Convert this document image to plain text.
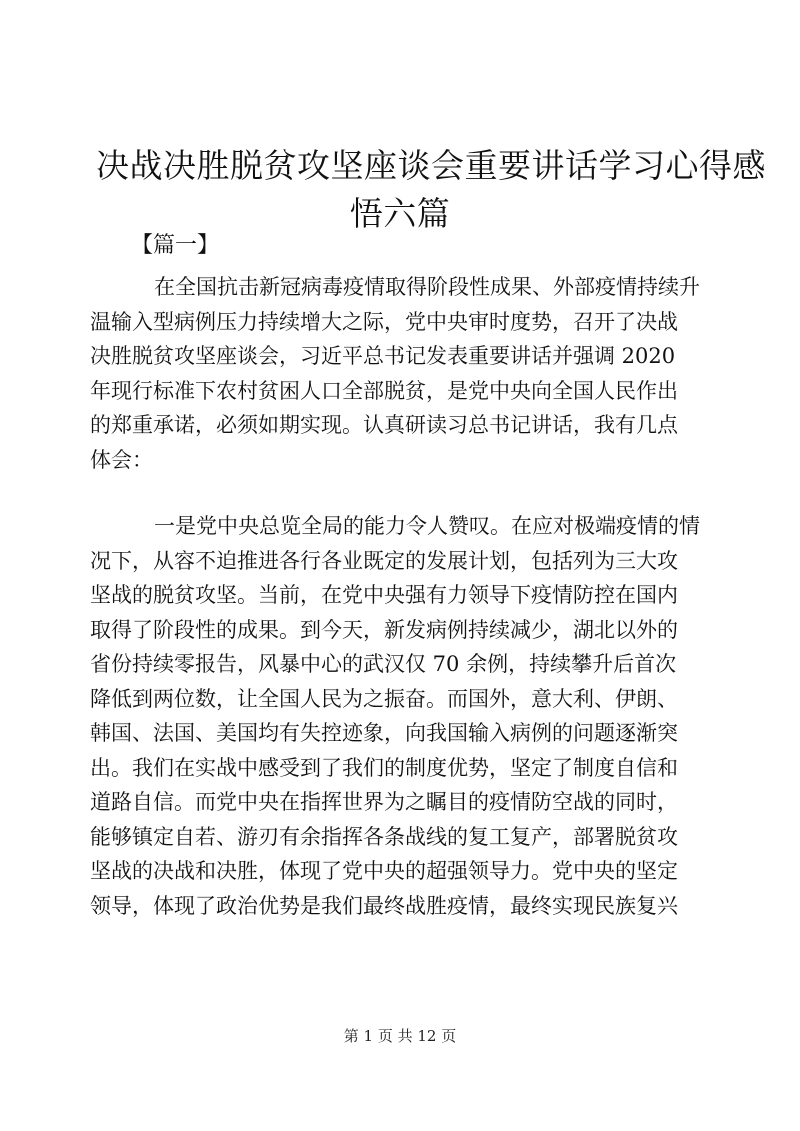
决战决胜脱贫攻坚座谈会重要讲话学习心得感
悟六篇

【篇一】

在全国抗击新冠病毒疫情取得阶段性成果、外部疫情持续升
温输入型病例压力持续增大之际，党中央审时度势，召开了决战
决胜脱贫攻坚座谈会，习近平总书记发表重要讲话并强调 2020
年现行标准下农村贫困人口全部脱贫，是党中央向全国人民作出
的郑重承诺，必须如期实现。认真研读习总书记讲话，我有几点
体会：

一是党中央总览全局的能力令人赞叹。在应对极端疫情的情
况下，从容不迫推进各行各业既定的发展计划，包括列为三大攻
坚战的脱贫攻坚。当前，在党中央强有力领导下疫情防控在国内
取得了阶段性的成果。到今天，新发病例持续减少，湖北以外的
省份持续零报告，风暴中心的武汉仅 70 余例，持续攀升后首次
降低到两位数，让全国人民为之振奋。而国外，意大利、伊朗、
韩国、法国、美国均有失控迹象，向我国输入病例的问题逐渐突
出。我们在实战中感受到了我们的制度优势，坚定了制度自信和
道路自信。而党中央在指挥世界为之瞩目的疫情防空战的同时，
能够镇定自若、游刃有余指挥各条战线的复工复产，部署脱贫攻
坚战的决战和决胜，体现了党中央的超强领导力。党中央的坚定
领导，体现了政治优势是我们最终战胜疫情，最终实现民族复兴

第 1 页 共 12 页
